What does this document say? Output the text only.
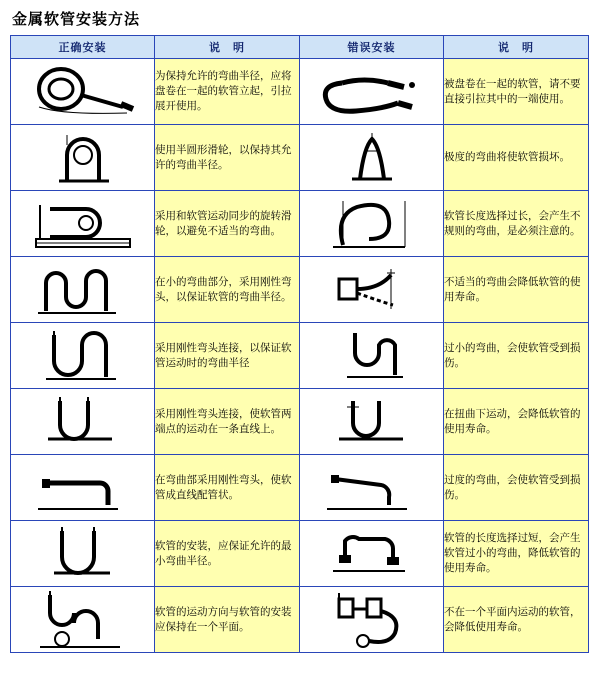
金属软管安装方法
正确安装	说　明	错误安装	说　明

	为保持允许的弯曲半径，应将盘卷在一起的软管立起，引拉展开使用。		被盘卷在一起的软管，请不要直接引拉其中的一端使用。

	使用半圆形滑轮，以保持其允许的弯曲半径。		极度的弯曲将使软管损坏。

	采用和软管运动同步的旋转滑轮，以避免不适当的弯曲。		软管长度选择过长，会产生不规则的弯曲，是必须注意的。

	在小的弯曲部分，采用刚性弯头，以保证软管的弯曲半径。		不适当的弯曲会降低软管的使用寿命。

	采用刚性弯头连接，以保证软管运动时的弯曲半径		过小的弯曲，会使软管受到损伤。

	采用刚性弯头连接，使软管两端点的运动在一条直线上。		在扭曲下运动，会降低软管的使用寿命。

	在弯曲部采用刚性弯头，使软管成直线配管状。		过度的弯曲，会使软管受到损伤。

	软管的安装，应保证允许的最小弯曲半径。		软管的长度选择过短，会产生软管过小的弯曲，降低软管的使用寿命。

	软管的运动方向与软管的安装应保持在一个平面。		不在一个平面内运动的软管，会降低使用寿命。
